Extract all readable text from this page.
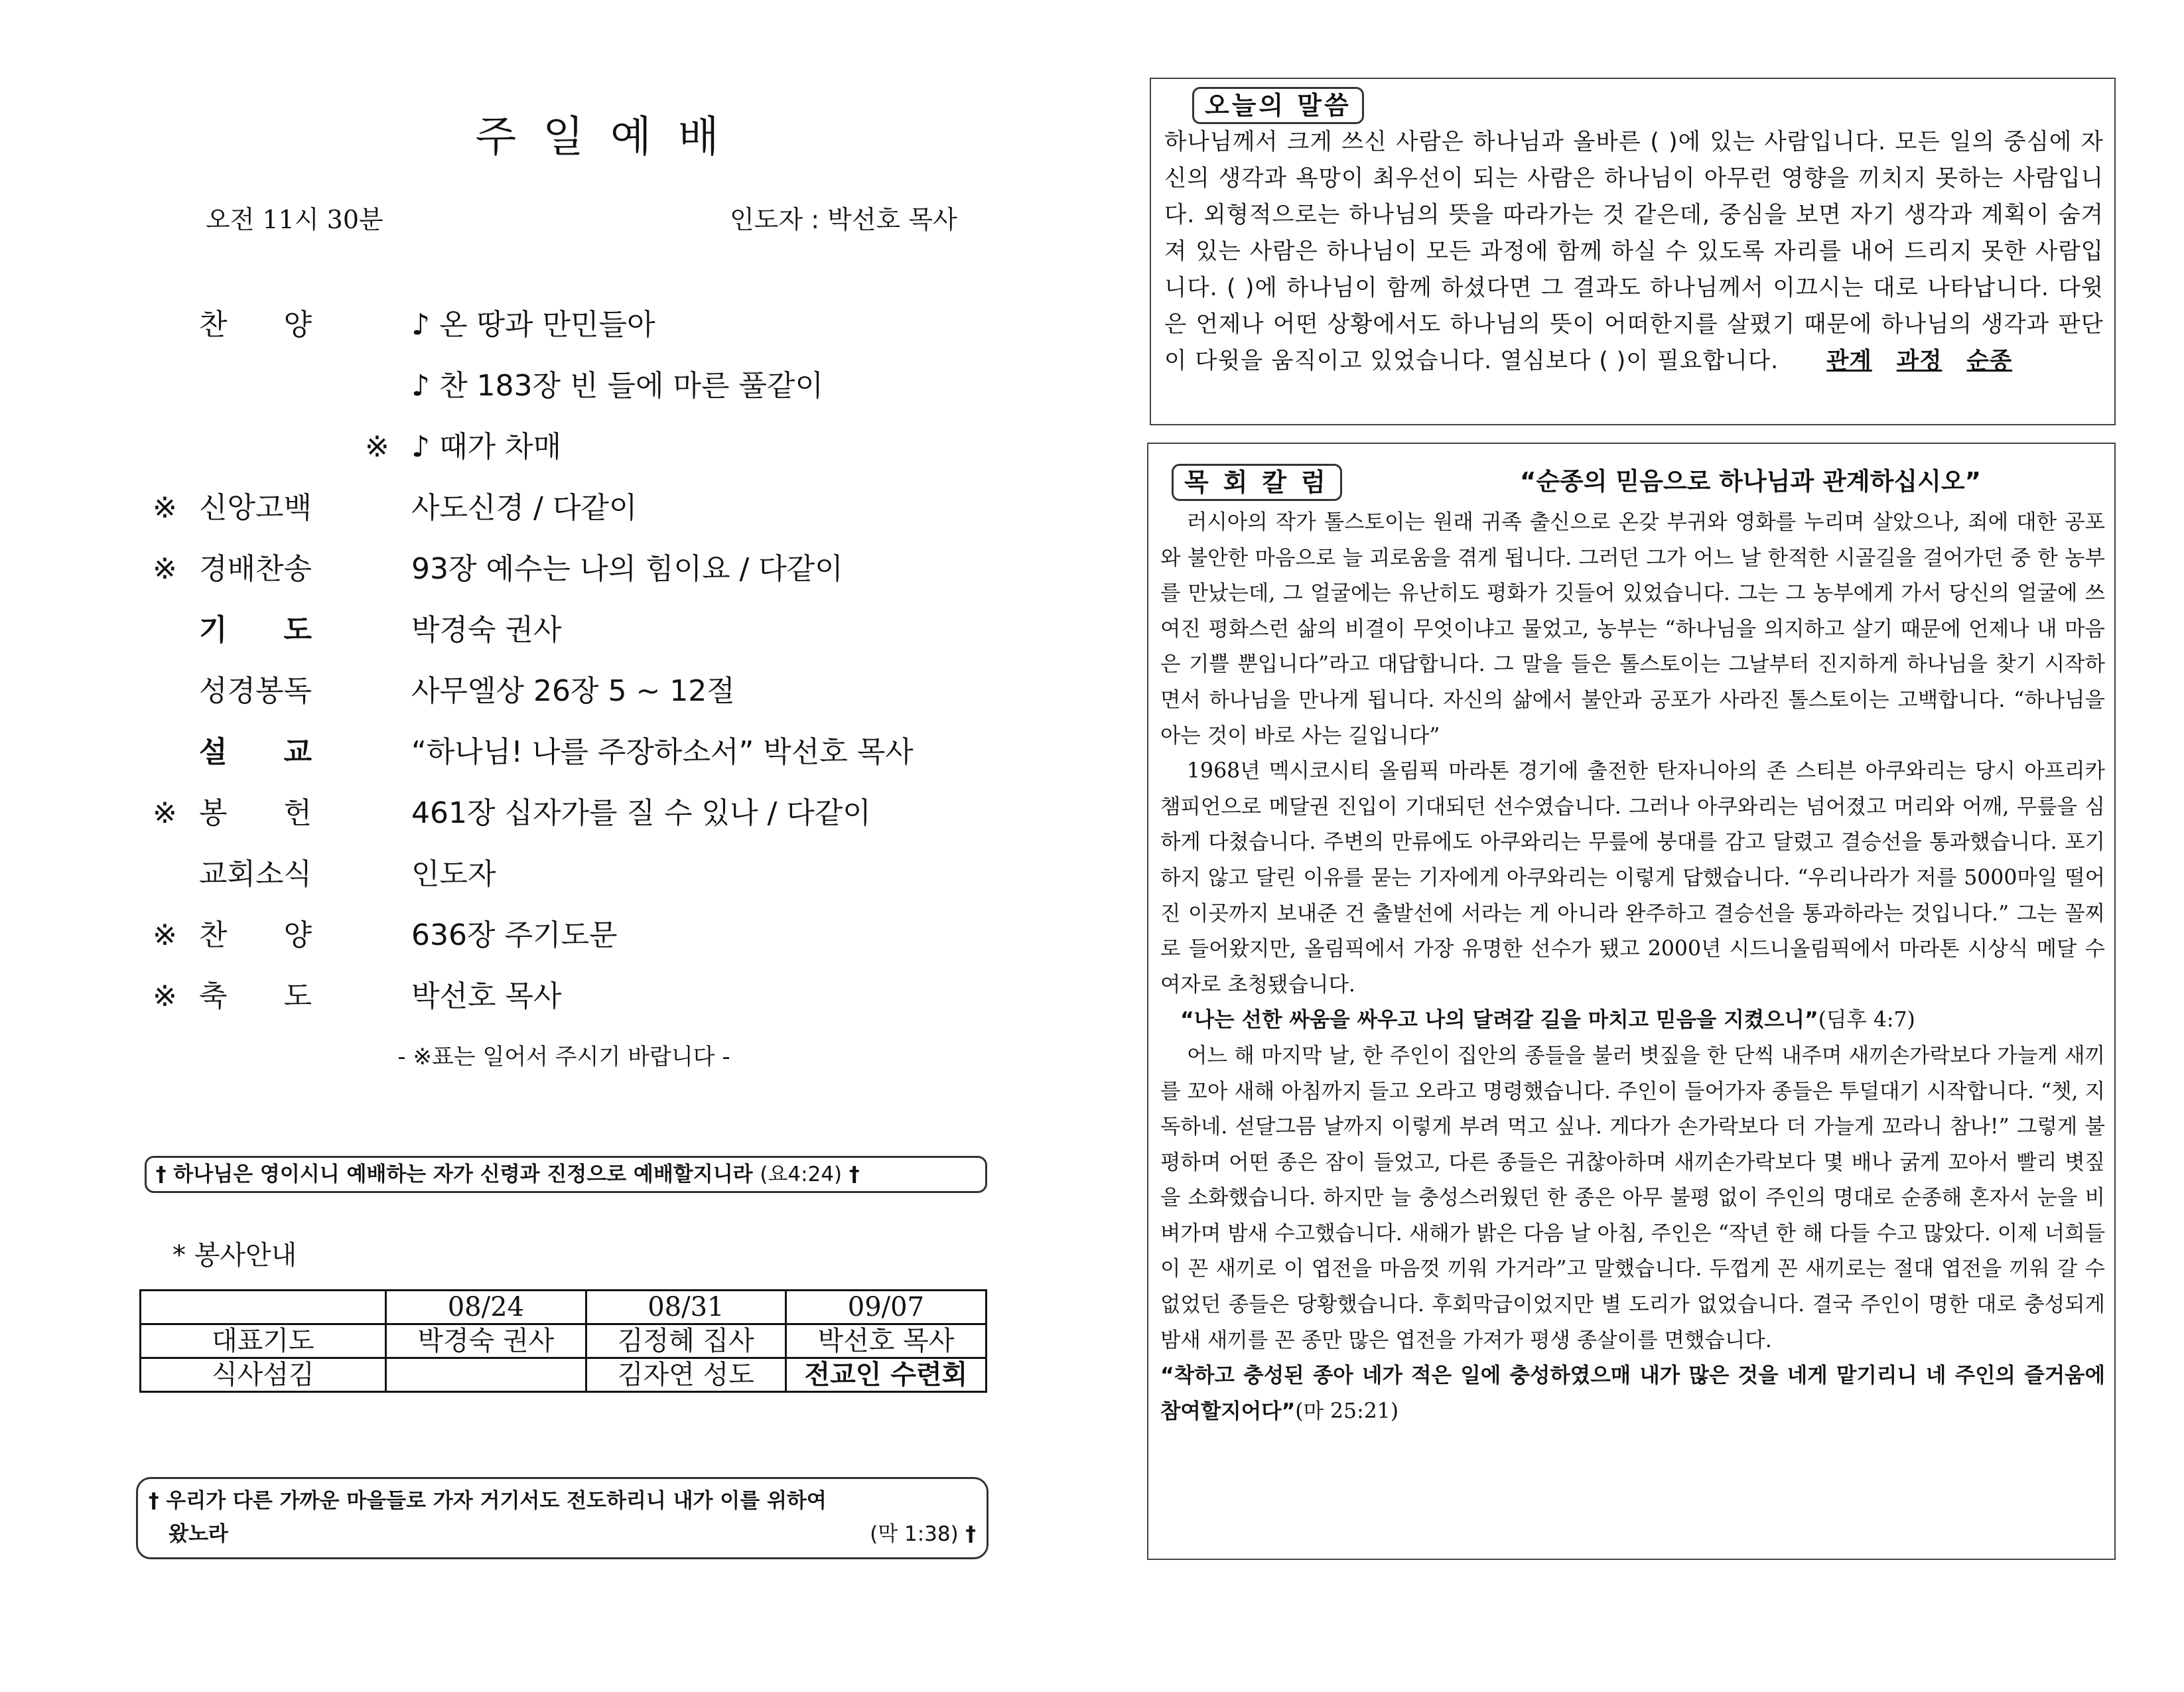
주일예배
오전 11시 30분	인도자 : 박선호 목사
찬 양	♪ 온 땅과 만민들아
♪ 찬 183장 빈 들에 마른 풀같이
※ ♪ 때가 차매
※ 신앙고백	사도신경 / 다같이
※ 경배찬송	93장 예수는 나의 힘이요 / 다같이
기 도	박경숙 권사
성경봉독	사무엘상 26장 5 ~ 12절
설 교	“하나님! 나를 주장하소서” 박선호 목사
※ 봉 헌	461장 십자가를 질 수 있나 / 다같이
교회소식	인도자
※ 찬 양	636장 주기도문
※ 축 도	박선호 목사
- ※표는 일어서 주시기 바랍니다 -
† 하나님은 영이시니 예배하는 자가 신령과 진정으로 예배할지니라 (요4:24) †
* 봉사안내
	08/24	08/31	09/07
대표기도	박경숙 권사	김정혜 집사	박선호 목사
식사섬김		김자연 성도	전교인 수련회
† 우리가 다른 가까운 마을들로 가자 거기서도 전도하리니 내가 이를 위하여
왔노라	(막 1:38) †
오늘의 말씀
하나님께서 크게 쓰신 사람은 하나님과 올바른 ( )에 있는 사람입니다. 모든 일의 중심에 자신의 생각과 욕망이 최우선이 되는 사람은 하나님이 아무런 영향을 끼치지 못하는 사람입니다. 외형적으로는 하나님의 뜻을 따라가는 것 같은데, 중심을 보면 자기 생각과 계획이 숨겨져 있는 사람은 하나님이 모든 과정에 함께 하실 수 있도록 자리를 내어 드리지 못한 사람입니다. ( )에 하나님이 함께 하셨다면 그 결과도 하나님께서 이끄시는 대로 나타납니다. 다윗은 언제나 어떤 상황에서도 하나님의 뜻이 어떠한지를 살폈기 때문에 하나님의 생각과 판단이 다윗을 움직이고 있었습니다. 열심보다 ( )이 필요합니다. 관계 과정 순종
목회칼럼	“순종의 믿음으로 하나님과 관계하십시오”

러시아의 작가 톨스토이는 원래 귀족 출신으로 온갖 부귀와 영화를 누리며 살았으나, 죄에 대한 공포와 불안한 마음으로 늘 괴로움을 겪게 됩니다. 그러던 그가 어느 날 한적한 시골길을 걸어가던 중 한 농부를 만났는데, 그 얼굴에는 유난히도 평화가 깃들어 있었습니다. 그는 그 농부에게 가서 당신의 얼굴에 쓰여진 평화스런 삶의 비결이 무엇이냐고 물었고, 농부는 “하나님을 의지하고 살기 때문에 언제나 내 마음은 기쁠 뿐입니다”라고 대답합니다. 그 말을 들은 톨스토이는 그날부터 진지하게 하나님을 찾기 시작하면서 하나님을 만나게 됩니다. 자신의 삶에서 불안과 공포가 사라진 톨스토이는 고백합니다. “하나님을 아는 것이 바로 사는 길입니다”

1968년 멕시코시티 올림픽 마라톤 경기에 출전한 탄자니아의 존 스티븐 아쿠와리는 당시 아프리카 챔피언으로 메달권 진입이 기대되던 선수였습니다. 그러나 아쿠와리는 넘어졌고 머리와 어깨, 무릎을 심하게 다쳤습니다. 주변의 만류에도 아쿠와리는 무릎에 붕대를 감고 달렸고 결승선을 통과했습니다. 포기하지 않고 달린 이유를 묻는 기자에게 아쿠와리는 이렇게 답했습니다. “우리나라가 저를 5000마일 떨어진 이곳까지 보내준 건 출발선에 서라는 게 아니라 완주하고 결승선을 통과하라는 것입니다.” 그는 꼴찌로 들어왔지만, 올림픽에서 가장 유명한 선수가 됐고 2000년 시드니올림픽에서 마라톤 시상식 메달 수여자로 초청됐습니다.

“나는 선한 싸움을 싸우고 나의 달려갈 길을 마치고 믿음을 지켰으니”(딤후 4:7)

어느 해 마지막 날, 한 주인이 집안의 종들을 불러 볏짚을 한 단씩 내주며 새끼손가락보다 가늘게 새끼를 꼬아 새해 아침까지 들고 오라고 명령했습니다. 주인이 들어가자 종들은 투덜대기 시작합니다. “쳇, 지독하네. 섣달그믐 날까지 이렇게 부려 먹고 싶나. 게다가 손가락보다 더 가늘게 꼬라니 참나!” 그렇게 불평하며 어떤 종은 잠이 들었고, 다른 종들은 귀찮아하며 새끼손가락보다 몇 배나 굵게 꼬아서 빨리 볏짚을 소화했습니다. 하지만 늘 충성스러웠던 한 종은 아무 불평 없이 주인의 명대로 순종해 혼자서 눈을 비벼가며 밤새 수고했습니다. 새해가 밝은 다음 날 아침, 주인은 “작년 한 해 다들 수고 많았다. 이제 너희들이 꼰 새끼로 이 엽전을 마음껏 끼워 가거라”고 말했습니다. 두껍게 꼰 새끼로는 절대 엽전을 끼워 갈 수 없었던 종들은 당황했습니다. 후회막급이었지만 별 도리가 없었습니다. 결국 주인이 명한 대로 충성되게 밤새 새끼를 꼰 종만 많은 엽전을 가져가 평생 종살이를 면했습니다.

“착하고 충성된 종아 네가 적은 일에 충성하였으매 내가 많은 것을 네게 맡기리니 네 주인의 즐거움에 참여할지어다”(마 25:21)
